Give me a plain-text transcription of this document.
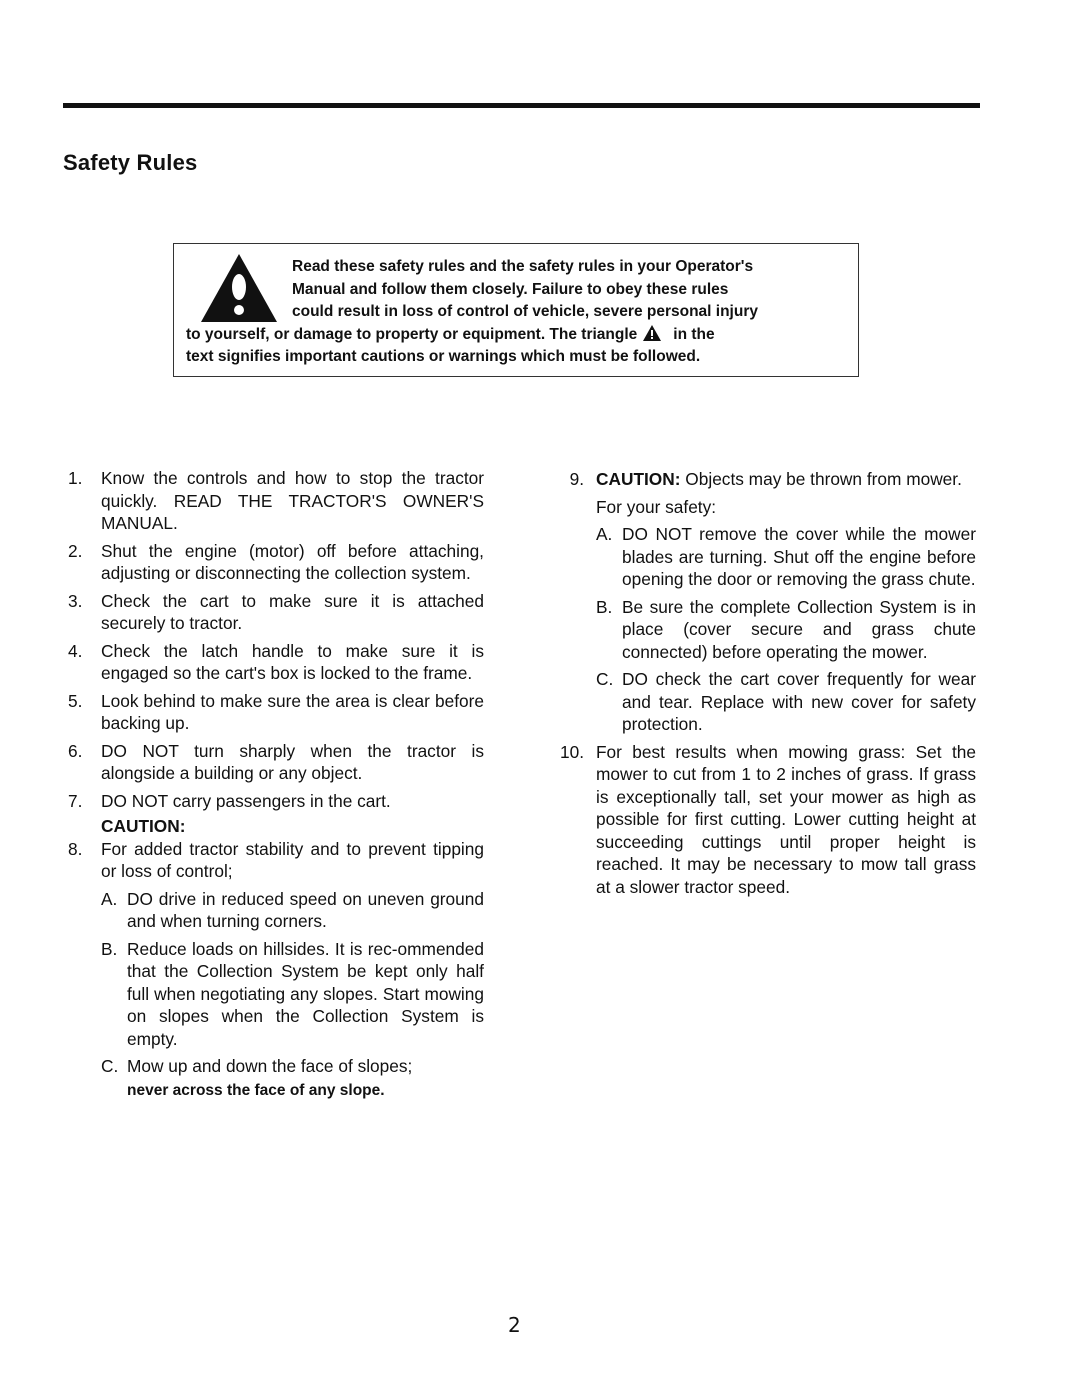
Safety Rules
Read these safety rules and the safety rules in your Operator's
Manual and follow them closely. Failure to obey these rules
could result in loss of control of vehicle, severe personal injury
to yourself, or damage to property or equipment. The triangle in the
text signifies important cautions or warnings which must be followed.
1. Know the controls and how to stop the tractor quickly. READ THE TRACTOR'S OWNER'S MANUAL.
2. Shut the engine (motor) off before attaching, adjusting or disconnecting the collection system.
3. Check the cart to make sure it is attached securely to tractor.
4. Check the latch handle to make sure it is engaged so the cart's box is locked to the frame.
5. Look behind to make sure the area is clear before backing up.
6. DO NOT turn sharply when the tractor is alongside a building or any object.
7. DO NOT carry passengers in the cart.
CAUTION:
8. For added tractor stability and to prevent tipping or loss of control;
A. DO drive in reduced speed on uneven ground and when turning corners.
B. Reduce loads on hillsides. It is rec-ommended that the Collection System be kept only half full when negotiating any slopes. Start mowing on slopes when the Collection System is empty.
C. Mow up and down the face of slopes;
never across the face of any slope.
9. CAUTION: Objects may be thrown from mower.
For your safety:
A. DO NOT remove the cover while the mower blades are turning. Shut off the engine before opening the door or removing the grass chute.
B. Be sure the complete Collection System is in place (cover secure and grass chute connected) before operating the mower.
C. DO check the cart cover frequently for wear and tear. Replace with new cover for safety protection.
10. For best results when mowing grass: Set the mower to cut from 1 to 2 inches of grass. If grass is exceptionally tall, set your mower as high as possible for first cutting. Lower cutting height at succeeding cuttings until proper height is reached. It may be necessary to mow tall grass at a slower tractor speed.
2
